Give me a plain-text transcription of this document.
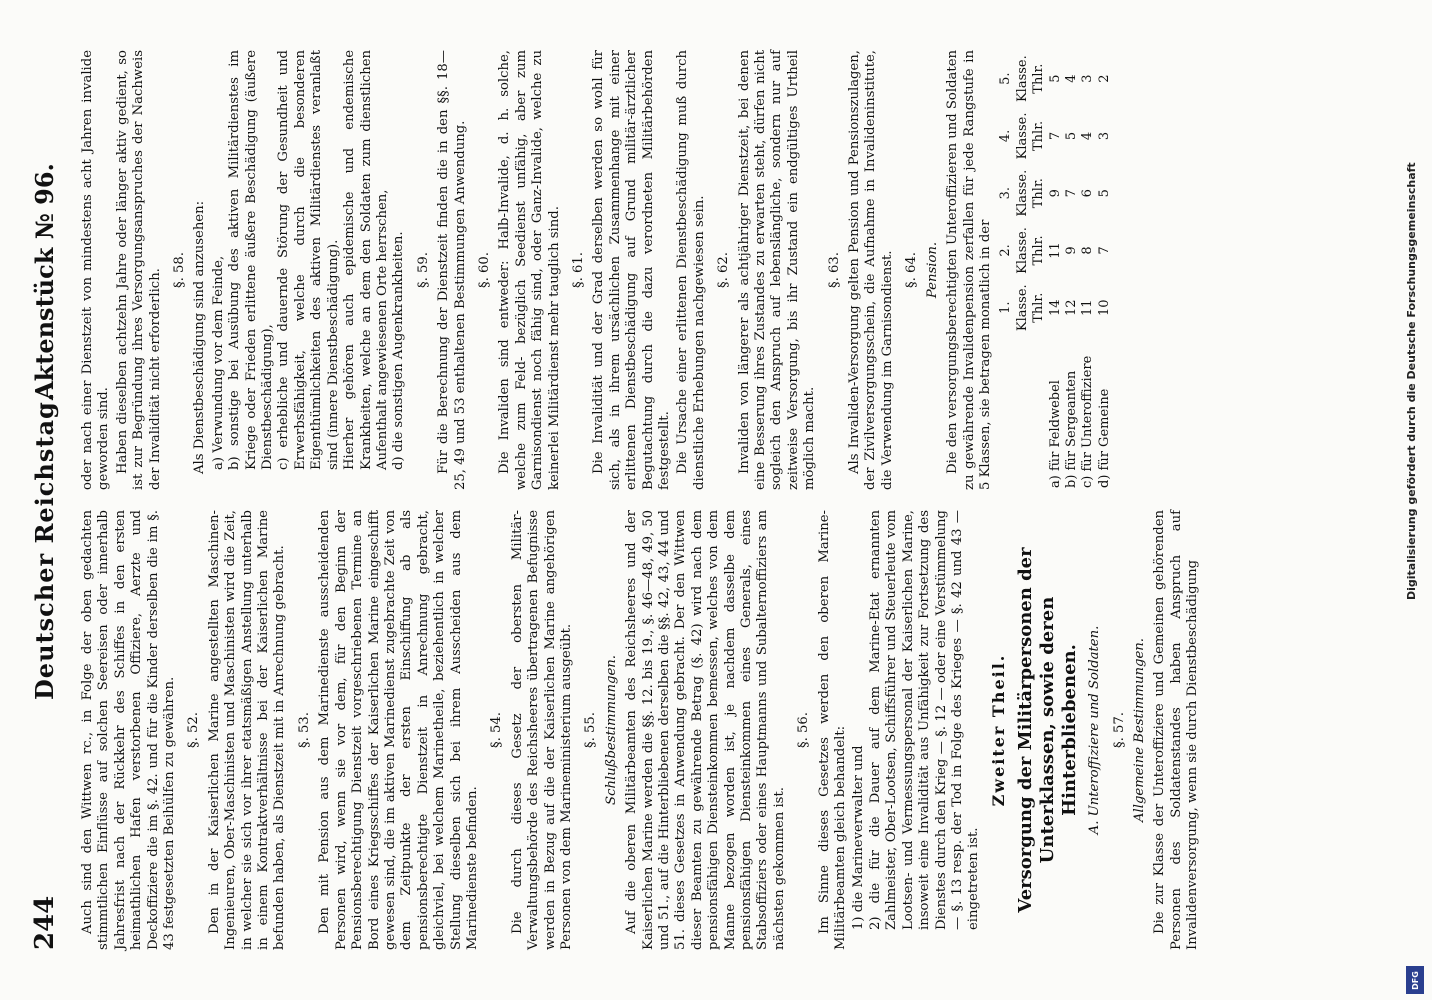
244
Deutscher Reichstag.
Aktenstück № 96.

Auch sind den Wittwen rc., in Folge der oben gedachten stimmtlichen Einflüsse auf solchen Seereisen oder innerhalb Jahresfrist nach der Rückkehr des Schiffes in den ersten heimathlichen Hafen verstorbenen Offiziere, Aerzte und Deckoffiziere die im §. 42. und für die Kinder derselben die im §. 43 festgesetzten Beihülfen zu gewähren. §. 52. Den in der Kaiserlichen Marine angestellten Maschinen-Ingenieuren, Ober-Maschinisten und Maschinisten wird die Zeit, in welcher sie sich vor ihrer etatsmäßigen Anstellung unterhalb in einem Kontraktverhältnisse bei der Kaiserlichen Marine befunden haben, als Dienstzeit mit in Anrechnung gebracht. §. 53. Den mit Pension aus dem Marinedienste ausscheidenden Personen wird, wenn sie vor dem, für den Beginn der Pensionsberechtigung Dienstzeit vorgeschriebenen Termine an Bord eines Kriegsschiffes der Kaiserlichen Marine eingeschifft gewesen sind, die im aktiven Marinedienst zugebrachte Zeit von dem Zeitpunkte der ersten Einschiffung ab als pensionsberechtigte Dienstzeit in Anrechnung gebracht, gleichviel, bei welchem Marinetheile, beziehentlich in welcher Stellung dieselben sich bei ihrem Ausscheiden aus dem Marinedienste befinden.

§. 54. Die durch dieses Gesetz der obersten Militär-Verwaltungsbehörde des Reichsheeres übertragenen Befugnisse werden in Bezug auf die der Kaiserlichen Marine angehörigen Personen von dem Marineministerium ausgeübt. §. 55. Schlußbestimmungen. Auf die oberen Militärbeamten des Reichsheeres und der Kaiserlichen Marine werden die §§. 12. bis 19., §. 46—48, 49, 50 und 51., auf die Hinterbliebenen derselben die §§. 42, 43, 44 und 51. dieses Gesetzes in Anwendung gebracht. Der den Wittwen dieser Beamten zu gewährende Betrag (§. 42) wird nach dem pensionsfähigen Diensteinkommen bemessen, welches von dem Manne bezogen worden ist, je nachdem dasselbe dem pensionsfähigen Diensteinkommen eines Generals, eines Stabsoffiziers oder eines Hauptmanns und Subalternoffiziers am nächsten gekommen ist.

§. 56. Im Sinne dieses Gesetzes werden den oberen Marine-Militärbeamten gleich behandelt: 1) die Marineverwalter und 2) die für die Dauer auf dem Marine-Etat ernannten Zahlmeister, Ober-Lootsen, Schiffsführer und Steuerleute vom Lootsen- und Vermessungspersonal der Kaiserlichen Marine, insoweit eine Invalidität aus Unfähigkeit zur Fortsetzung des Dienstes durch den Krieg — §. 12 — oder eine Verstümmelung — §. 13 resp. der Tod in Folge des Krieges — §. 42 und 43 — eingetreten ist.
Zweiter Theil. Versorgung der Militärpersonen der Unterklassen, sowie deren Hinterbliebenen. A. Unteroffiziere und Soldaten. §. 57. Allgemeine Bestimmungen. Die zur Klasse der Unteroffiziere und Gemeinen gehörenden Personen des Soldatenstandes haben Anspruch auf Invalidenversorgung, wenn sie durch Dienstbeschädigung

oder nach einer Dienstzeit von mindestens acht Jahren invalide geworden sind. Haben dieselben achtzehn Jahre oder länger aktiv gedient, so ist zur Begründung ihres Versorgungsanspruches der Nachweis der Invalidität nicht erforderlich. §. 58. Als Dienstbeschädigung sind anzusehen: a) Verwundung vor dem Feinde, b) sonstige bei Ausübung des aktiven Militärdienstes im Kriege oder Frieden erlittene äußere Beschädigung (äußere Dienstbeschädigung), c) erhebliche und dauernde Störung der Gesundheit und Erwerbsfähigkeit, welche durch die besonderen Eigenthümlichkeiten des aktiven Militärdienstes veranlaßt sind (innere Dienstbeschädigung). Hierher gehören auch epidemische und endemische Krankheiten, welche an dem den Soldaten zum dienstlichen Aufenthalt angewiesenen Orte herrschen, d) die sonstigen Augenkrankheiten. §. 59. Für die Berechnung der Dienstzeit finden die in den §§. 18—25, 49 und 53 enthaltenen Bestimmungen Anwendung. §. 60. Die Invaliden sind entweder: Halb-Invalide, d. h. solche, welche zum Feld- bezüglich Seedienst unfähig, aber zum Garnisondienst noch fähig sind, oder Ganz-Invalide, welche zu keinerlei Militärdienst mehr tauglich sind. §. 61. Die Invalidität und der Grad derselben werden so wohl für sich, als in ihrem ursächlichen Zusammenhange mit einer erlittenen Dienstbeschädigung auf Grund militär-ärztlicher Begutachtung durch die dazu verordneten Militärbehörden festgestellt. Die Ursache einer erlittenen Dienstbeschädigung muß durch dienstliche Erhebungen nachgewiesen sein. §. 62. Invaliden von längerer als achtjähriger Dienstzeit, bei denen eine Besserung ihres Zustandes zu erwarten steht, dürfen nicht sogleich den Anspruch auf lebenslängliche, sondern nur auf zeitweise Versorgung, bis ihr Zustand ein endgültiges Urtheil möglich macht.

§. 63. Als Invaliden-Versorgung gelten Pension und Pensionszulagen, der Zivilversorgungsschein, die Aufnahme in Invalideninstitute, die Verwendung im Garnisondienst. §. 64. Pension. Die den versorgungsberechtigten Unteroffizieren und Soldaten zu gewährende Invalidenpension zerfallen für jede Rangstufe in 5 Klassen, sie betragen monatlich in der

	1.	2.	3.	4.	5.
	Klasse.	Klasse.	Klasse.	Klasse.	Klasse.
	Thlr.	Thlr.	Thlr.	Thlr.	Thlr.
a) für Feldwebel	14	11	9	7	5
b) für Sergeanten	12	9	7	5	4
c) für Unteroffiziere	11	8	6	4	3
d) für Gemeine	10	7	5	3	2
Digitalisierung gefördert durch die Deutsche Forschungsgemeinschaft
DFG
